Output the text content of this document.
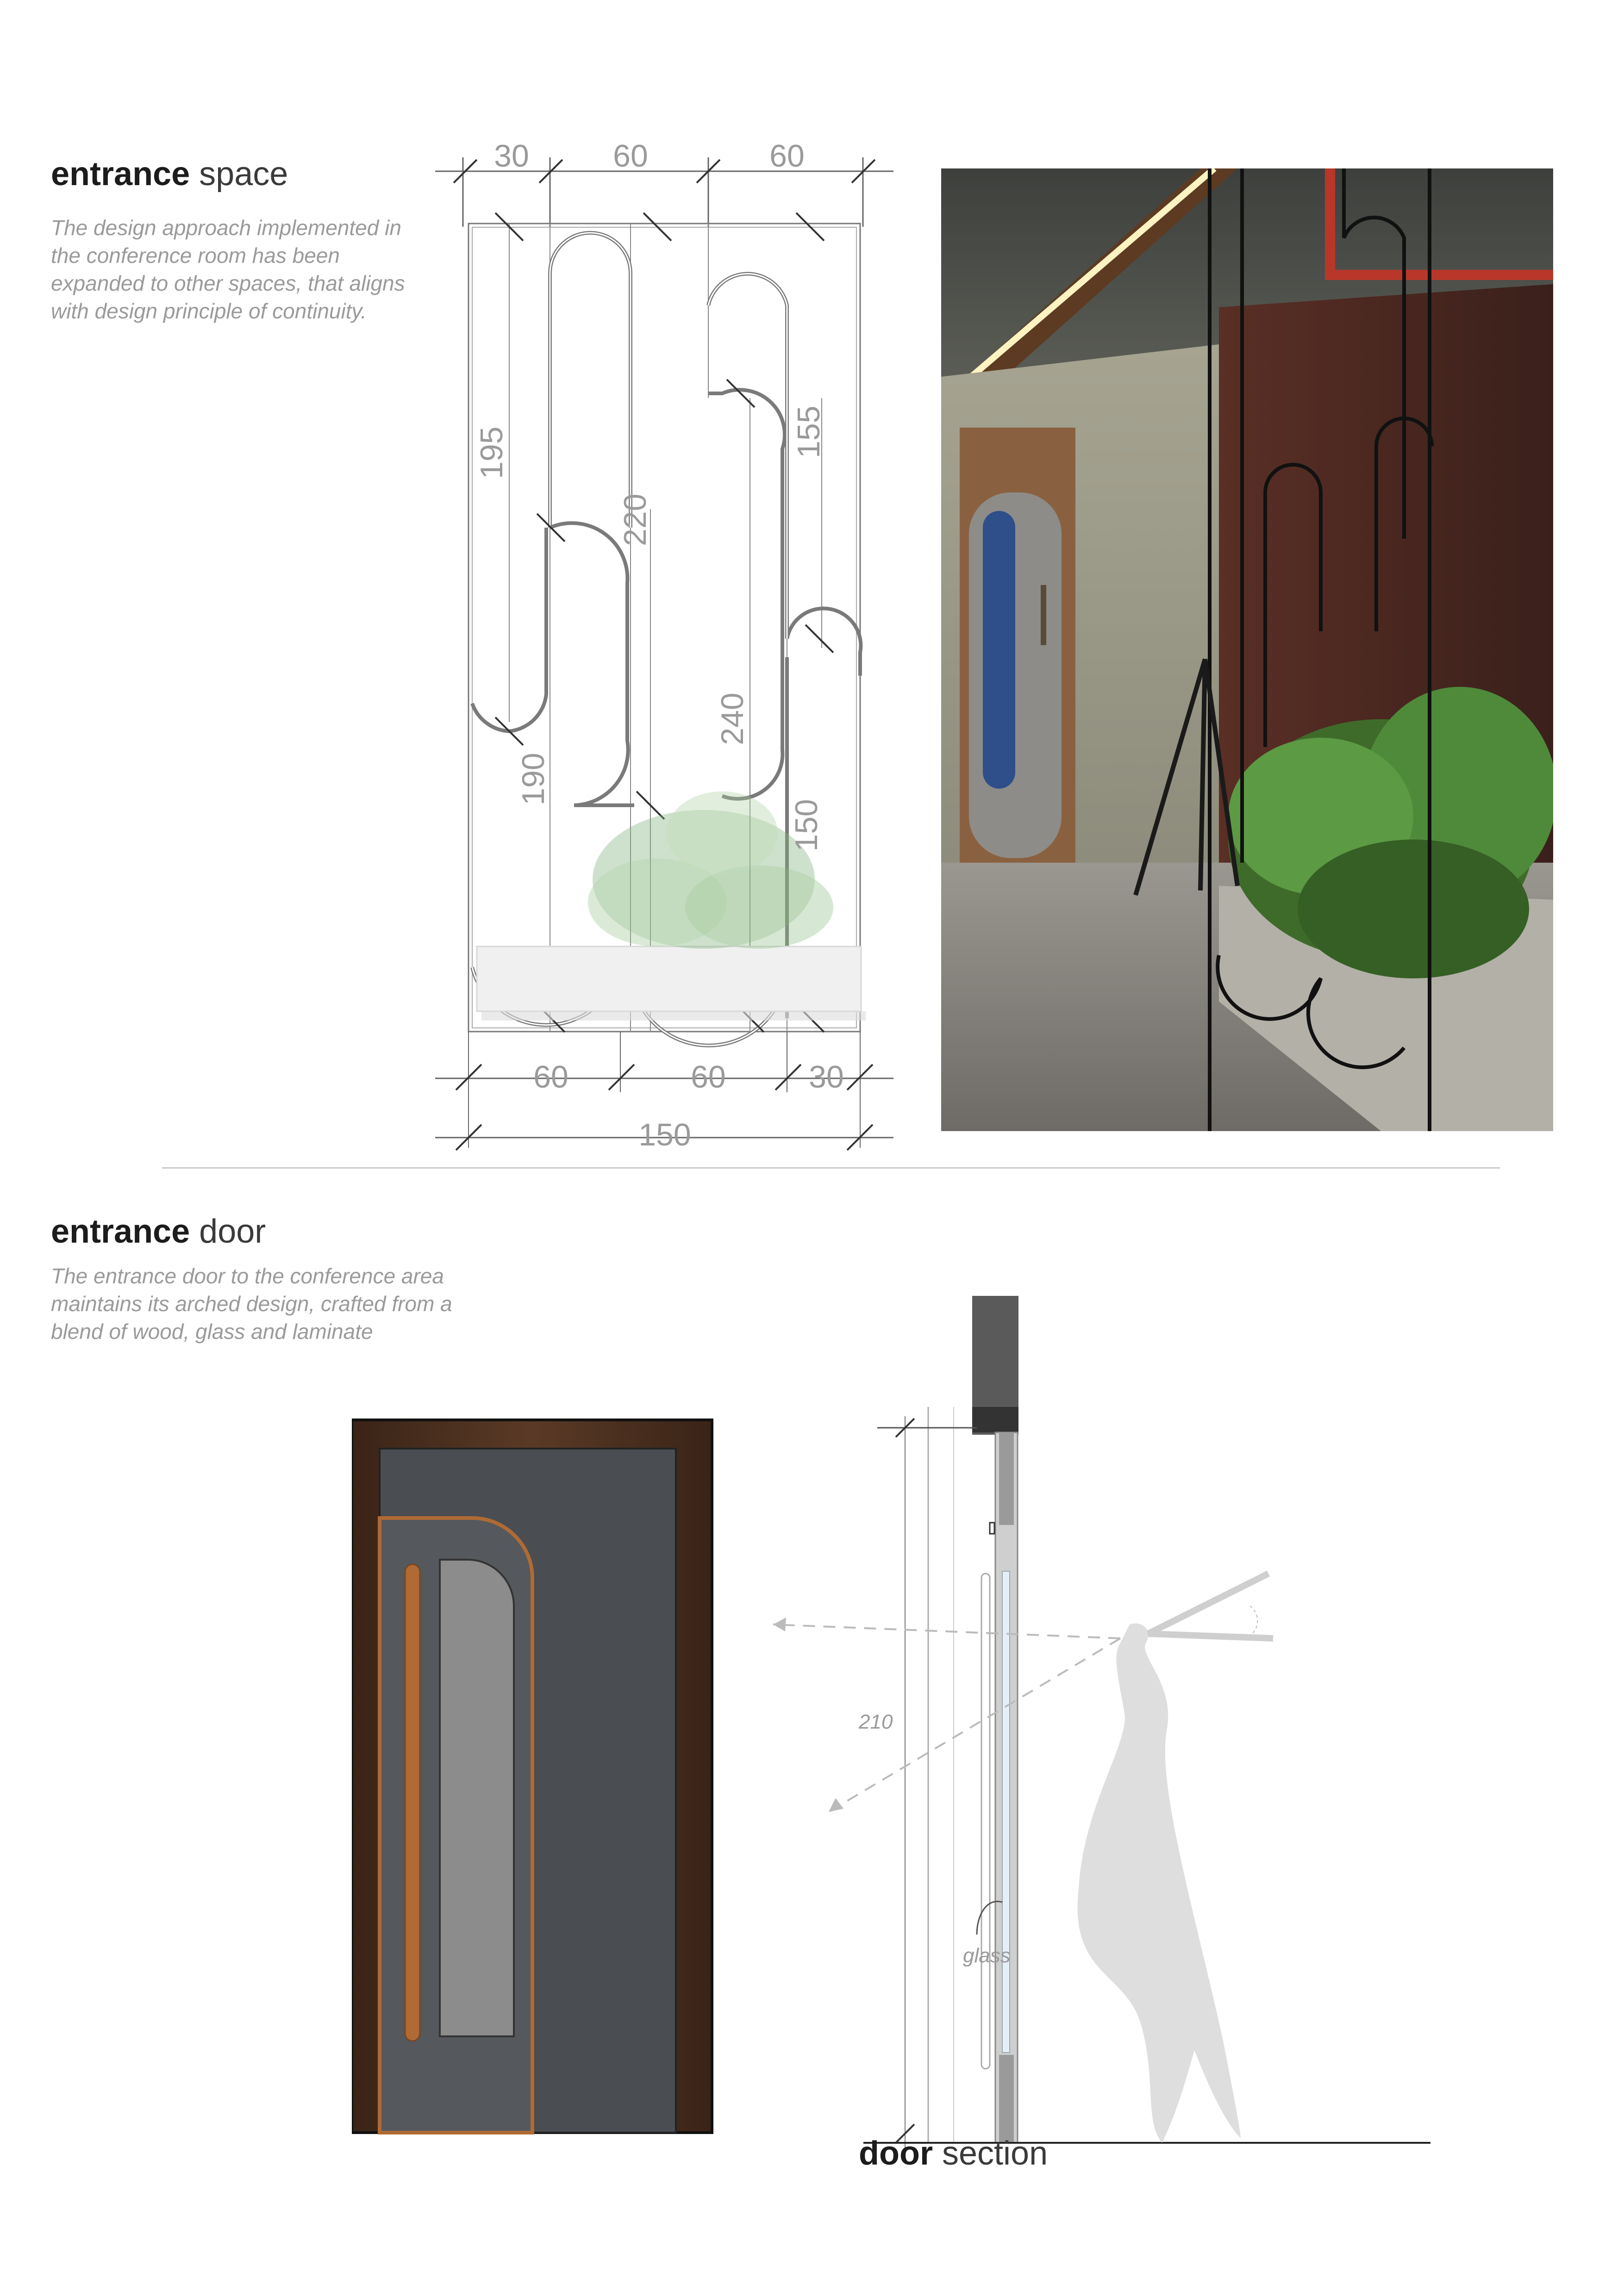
entrance space
The design approach implemented in
the conference room has been
expanded to other spaces, that aligns
with design principle of continuity.
30	60	60
60	60	30
150
195
190
220
240
155
150
entrance door
The entrance door to the conference area
maintains its arched design, crafted from a
blend of wood, glass and laminate
210
glass
door section
